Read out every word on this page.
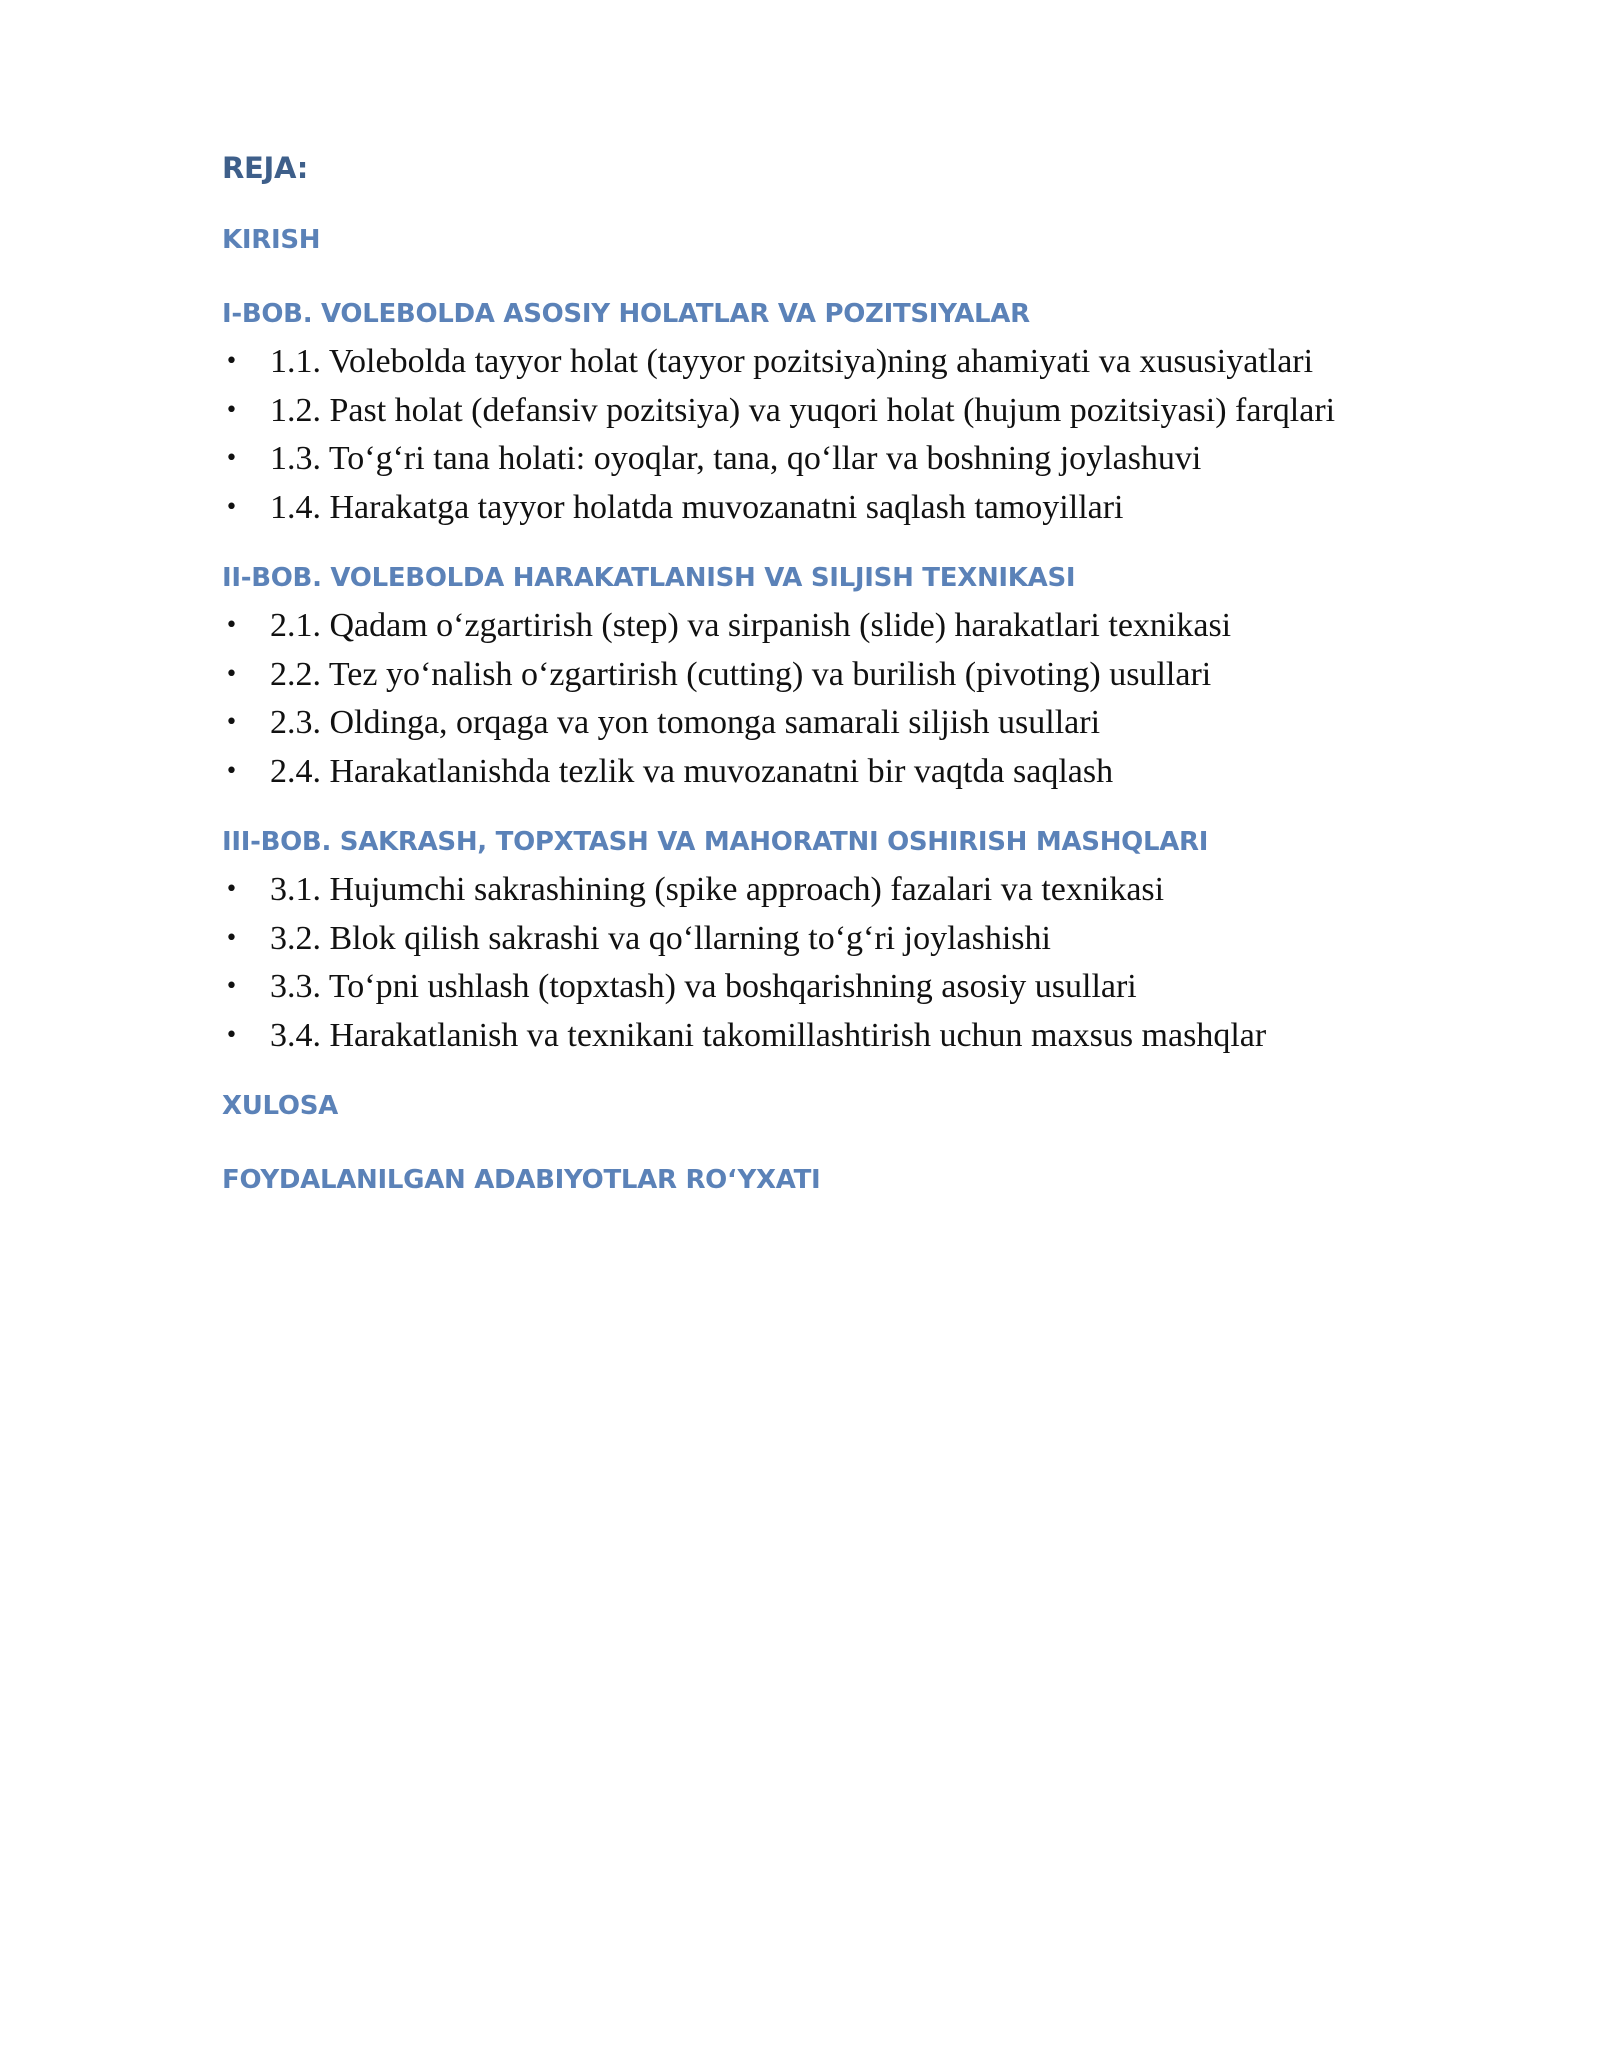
REJA:
KIRISH
I-BOB. VOLEBOLDA ASOSIY HOLATLAR VA POZITSIYALAR
• 1.1. Volebolda tayyor holat (tayyor pozitsiya)ning ahamiyati va xususiyatlari
• 1.2. Past holat (defansiv pozitsiya) va yuqori holat (hujum pozitsiyasi) farqlari
• 1.3. To‘g‘ri tana holati: oyoqlar, tana, qo‘llar va boshning joylashuvi
• 1.4. Harakatga tayyor holatda muvozanatni saqlash tamoyillari
II-BOB. VOLEBOLDA HARAKATLANISH VA SILJISH TEXNIKASI
• 2.1. Qadam o‘zgartirish (step) va sirpanish (slide) harakatlari texnikasi
• 2.2. Tez yo‘nalish o‘zgartirish (cutting) va burilish (pivoting) usullari
• 2.3. Oldinga, orqaga va yon tomonga samarali siljish usullari
• 2.4. Harakatlanishda tezlik va muvozanatni bir vaqtda saqlash
III-BOB. SAKRASH, TOPXTASH VA MAHORATNI OSHIRISH MASHQLARI
• 3.1. Hujumchi sakrashining (spike approach) fazalari va texnikasi
• 3.2. Blok qilish sakrashi va qo‘llarning to‘g‘ri joylashishi
• 3.3. To‘pni ushlash (topxtash) va boshqarishning asosiy usullari
• 3.4. Harakatlanish va texnikani takomillashtirish uchun maxsus mashqlar
XULOSA
FOYDALANILGAN ADABIYOTLAR RO‘YXATI
